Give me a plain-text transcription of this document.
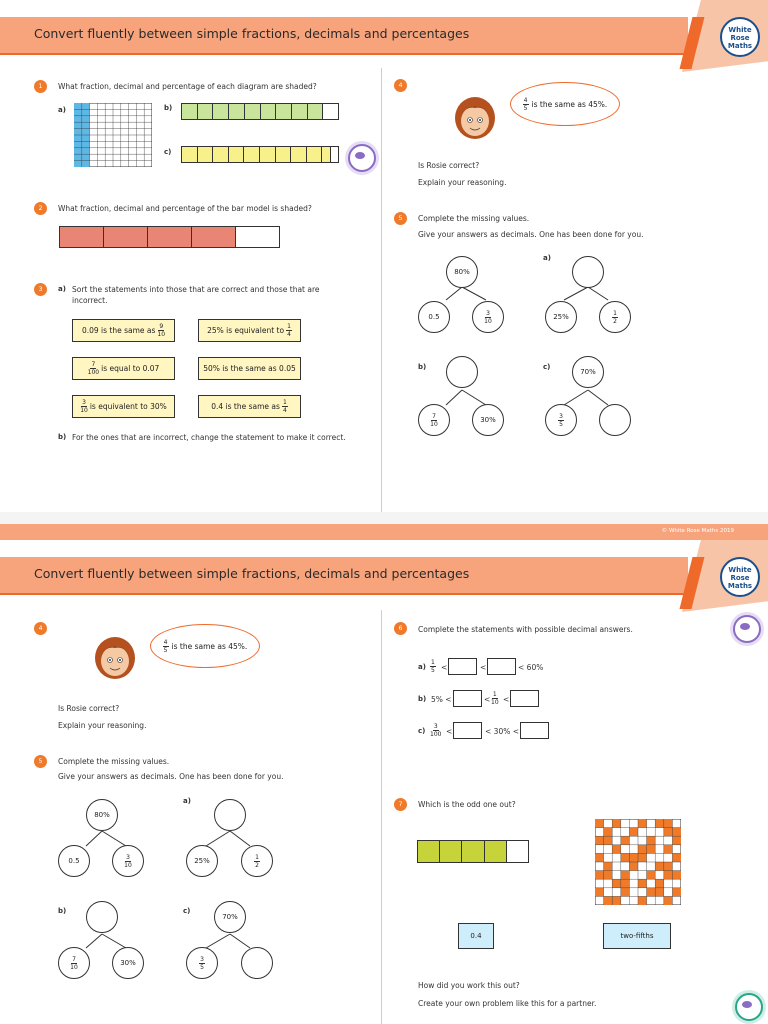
Convert fluently between simple fractions, decimals and percentages	White
Rose
Maths
1	What fraction, decimal and percentage of each diagram are shaded?
a)	b)
c)
2	What fraction, decimal and percentage of the bar model is shaded?
3	a) Sort the statements into those that are correct and those that are
incorrect.
0.09 is the same as $\frac{9}{10}$	25% is equivalent to $\frac{1}{4}$
$\frac{7}{100}$ is equal to 0.07	50% is the same as 0.05
$\frac{3}{10}$ is equivalent to 30%	0.4 is the same as $\frac{1}{4}$
b) For the ones that are incorrect, change the statement to make it correct.
4
$\frac{4}{5}$ is the same as 45%.
Is Rosie correct?
Explain your reasoning.
5	Complete the missing values.
Give your answers as decimals. One has been done for you.
80%
0.5	$\frac{3}{10}$
a)
25%	$\frac{1}{2}$
b)
$\frac{7}{10}$	30%
c)
70%
$\frac{3}{5}$
© White Rose Maths 2019
Convert fluently between simple fractions, decimals and percentages	White
Rose
Maths
4
$\frac{4}{5}$ is the same as 45%.
Is Rosie correct?
Explain your reasoning.
5	Complete the missing values.
Give your answers as decimals. One has been done for you.
80%
0.5	$\frac{3}{10}$
a)
25%	$\frac{1}{2}$
b)
$\frac{7}{10}$	30%
c)
70%
$\frac{3}{5}$
6	Complete the statements with possible decimal answers.
$a) \frac{1}{5}$ <	<	< 60%
b) 5% <	< $\frac{1}{10}$ <
$c) \frac{3}{100}$ <	< 30% <
7	Which is the odd one out?
0.4	two-fifths
How did you work this out?
Create your own problem like this for a partner.
